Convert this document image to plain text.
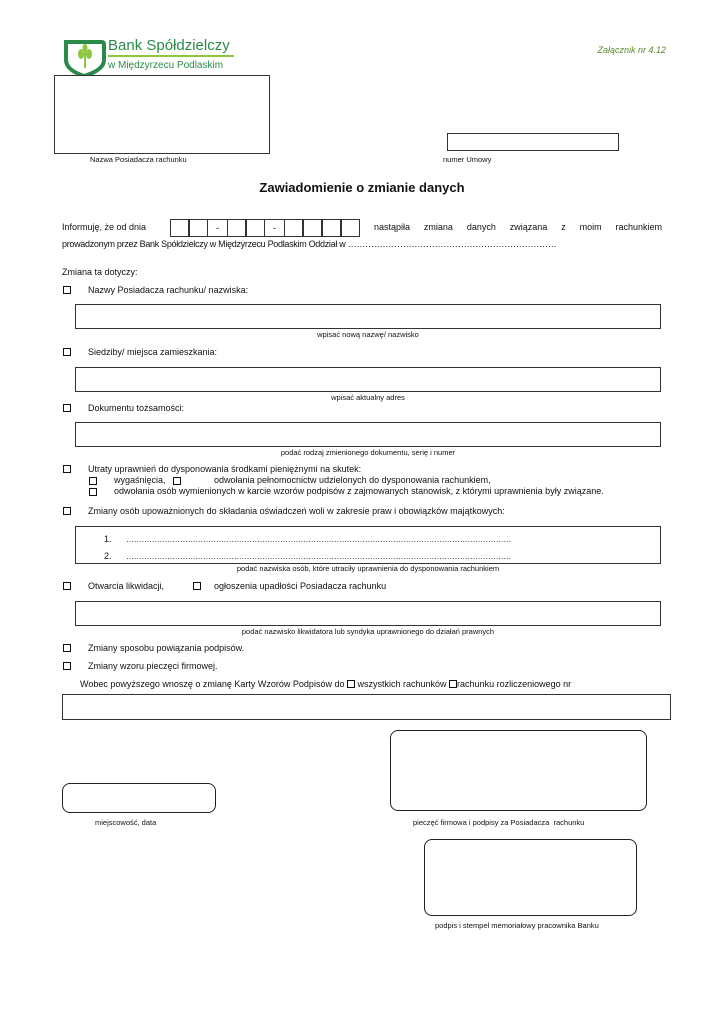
Bank Spółdzielczy
w Międzyrzecu Podlaskim
Załącznik nr 4.12
Nazwa Posiadacza rachunku	numer Umowy
Zawiadomienie o zmianie danych
Informuję, że od dnia	-	-	nastąpiła zmiana danych związana z moim rachunkiem
prowadzonym przez Bank Spółdzielczy w Międzyrzecu Podlaskim Oddział w ………………………………………………………………
Zmiana ta dotyczy:
Nazwy Posiadacza rachunku/ nazwiska:
wpisać nową nazwę/ nazwisko
Siedziby/ miejsca zamieszkania:
wpisać aktualny adres
Dokumentu tożsamości:
podać rodzaj zmienionego dokumentu, serię i numer
Utraty uprawnień do dysponowania środkami pieniężnymi na skutek:
wygaśnięcia,	odwołania pełnomocnictw udzielonych do dysponowania rachunkiem,
odwołania osób wymienionych w karcie wzorów podpisów z zajmowanych stanowisk, z którymi uprawnienia były związane.
Zmiany osób upoważnionych do składania oświadczeń woli w zakresie praw i obowiązków majątkowych:
1. ……………………………………………………………………………………………………………………………………
2. ……………………………………………………………………………………………………………………………………
podać nazwiska osób, które utraciły uprawnienia do dysponowania rachunkiem
Otwarcia likwidacji,	ogłoszenia upadłości Posiadacza rachunku
podać nazwisko likwidatora lub syndyka uprawnionego do działań prawnych
Zmiany sposobu powiązania podpisów.
Zmiany wzoru pieczęci firmowej.
Wobec powyższego wnoszę o zmianę Karty Wzorów Podpisów do wszystkich rachunków rachunku rozliczeniowego nr
miejscowość, data	pieczęć firmowa i podpisy za Posiadacza  rachunku
podpis i stempel memoriałowy pracownika Banku
